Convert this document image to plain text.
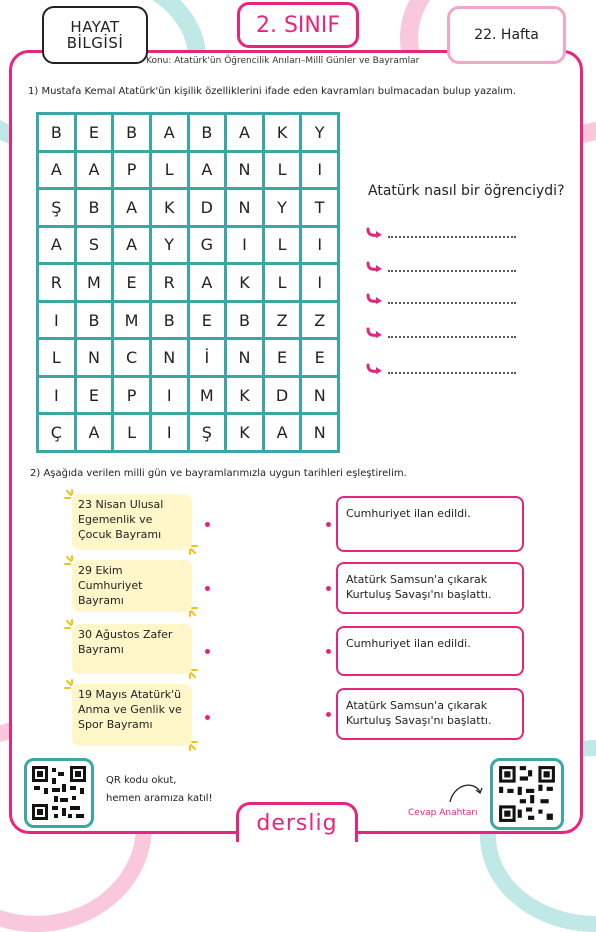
HAYAT BİLGİSİ
2. SINIF	22. Hafta
Konu: Atatürk'ün Öğrencilik Anıları–Millî Günler ve Bayramlar
1) Mustafa Kemal Atatürk'ün kişilik özelliklerini ifade eden kavramları bulmacadan bulup yazalım.
B	E	B	A	B	A	K	Y
A	A	P	L	A	N	L	I
Ş	B	A	K	D	N	Y	T
A	S	A	Y	G	I	L	I
R	M	E	R	A	K	L	I
I	B	M	B	E	B	Z	Z
L	N	C	N	İ	N	E	E
I	E	P	I	M	K	D	N
Ç	A	L	I	Ş	K	A	N
Atatürk nasıl bir öğrenciydi?
2) Aşağıda verilen milli gün ve bayramlarımızla uygun tarihleri eşleştirelim.
23 Nisan Ulusal Egemenlik ve Çocuk Bayramı
29 Ekim Cumhuriyet Bayramı
30 Ağustos Zafer Bayramı
19 Mayıs Atatürk'ü Anma ve Genlik ve Spor Bayramı
Cumhuriyet ilan edildi.
Atatürk Samsun'a çıkarak Kurtuluş Savaşı'nı başlattı.
Cumhuriyet ilan edildi.
Atatürk Samsun'a çıkarak Kurtuluş Savaşı'nı başlattı.
QR kodu okut,
hemen aramıza katıl!
derslig	Cevap Anahtarı
